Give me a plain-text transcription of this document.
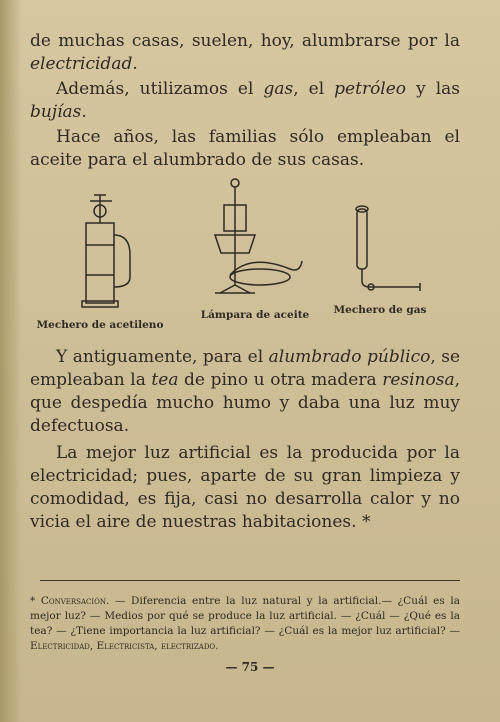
de muchas casas, suelen, hoy, alumbrarse por la electricidad.

Además, utilizamos el gas, el petróleo y las bujías.

Hace años, las familias sólo empleaban el aceite para el alumbrado de sus casas.

Mechero de acetileno
Lámpara de aceite	Mechero de gas

Y antiguamente, para el alumbrado público, se empleaban la tea de pino u otra madera resinosa, que despedía mucho humo y daba una luz muy defectuosa.

La mejor luz artificial es la producida por la electricidad; pues, aparte de su gran limpieza y comodidad, es fija, casi no desarrolla calor y no vicia el aire de nuestras habitaciones. *

* Conversación. — Diferencia entre la luz natural y la artificial.— ¿Cuál es la mejor luz? — Medios por qué se produce la luz artificial. — ¿Cuál — ¿Qué es la tea? — ¿Tiene importancia la luz artificial? — ¿Cuál es la mejor luz artificial? — Electricidad, Electricista, electrizado.

— 75 —
